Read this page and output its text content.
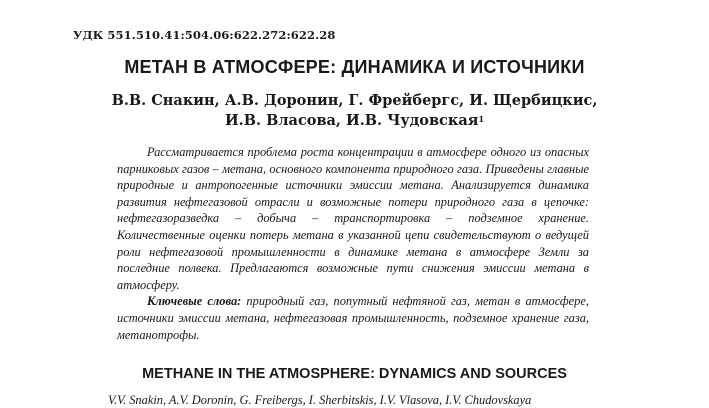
УДК 551.510.41:504.06:622.272:622.28
МЕТАН В АТМОСФЕРЕ: ДИНАМИКА И ИСТОЧНИКИ
В.В. Снакин, А.В. Доронин, Г. Фрейбергс, И. Щербицкис,
И.В. Власова, И.В. Чудовская$^1$

Рассматривается проблема роста концентрации в атмосфере одного из опасных парниковых газов – метана, основного компонента природного газа. Приведены главные природные и антропогенные источники эмиссии метана. Анализируется динамика развития нефтегазовой отрасли и возможные потери природного газа в цепочке: нефтегазоразведка – добыча – транспортировка – подземное хранение. Количественные оценки потерь метана в указанной цепи свидетельствуют о ведущей роли нефтегазовой промышленности в динамике метана в атмосфере Земли за последние полвека. Предлагаются возможные пути снижения эмиссии метана в атмосферу.

Ключевые слова: природный газ, попутный нефтяной газ, метан в атмосфере, источники эмиссии метана, нефтегазовая промышленность, подземное хранение газа, метанотрофы.

METHANE IN THE ATMOSPHERE: DYNAMICS AND SOURCES
V.V. Snakin, A.V. Doronin, G. Freibergs, I. Sherbitskis, I.V. Vlasova, I.V. Chudovskaya
